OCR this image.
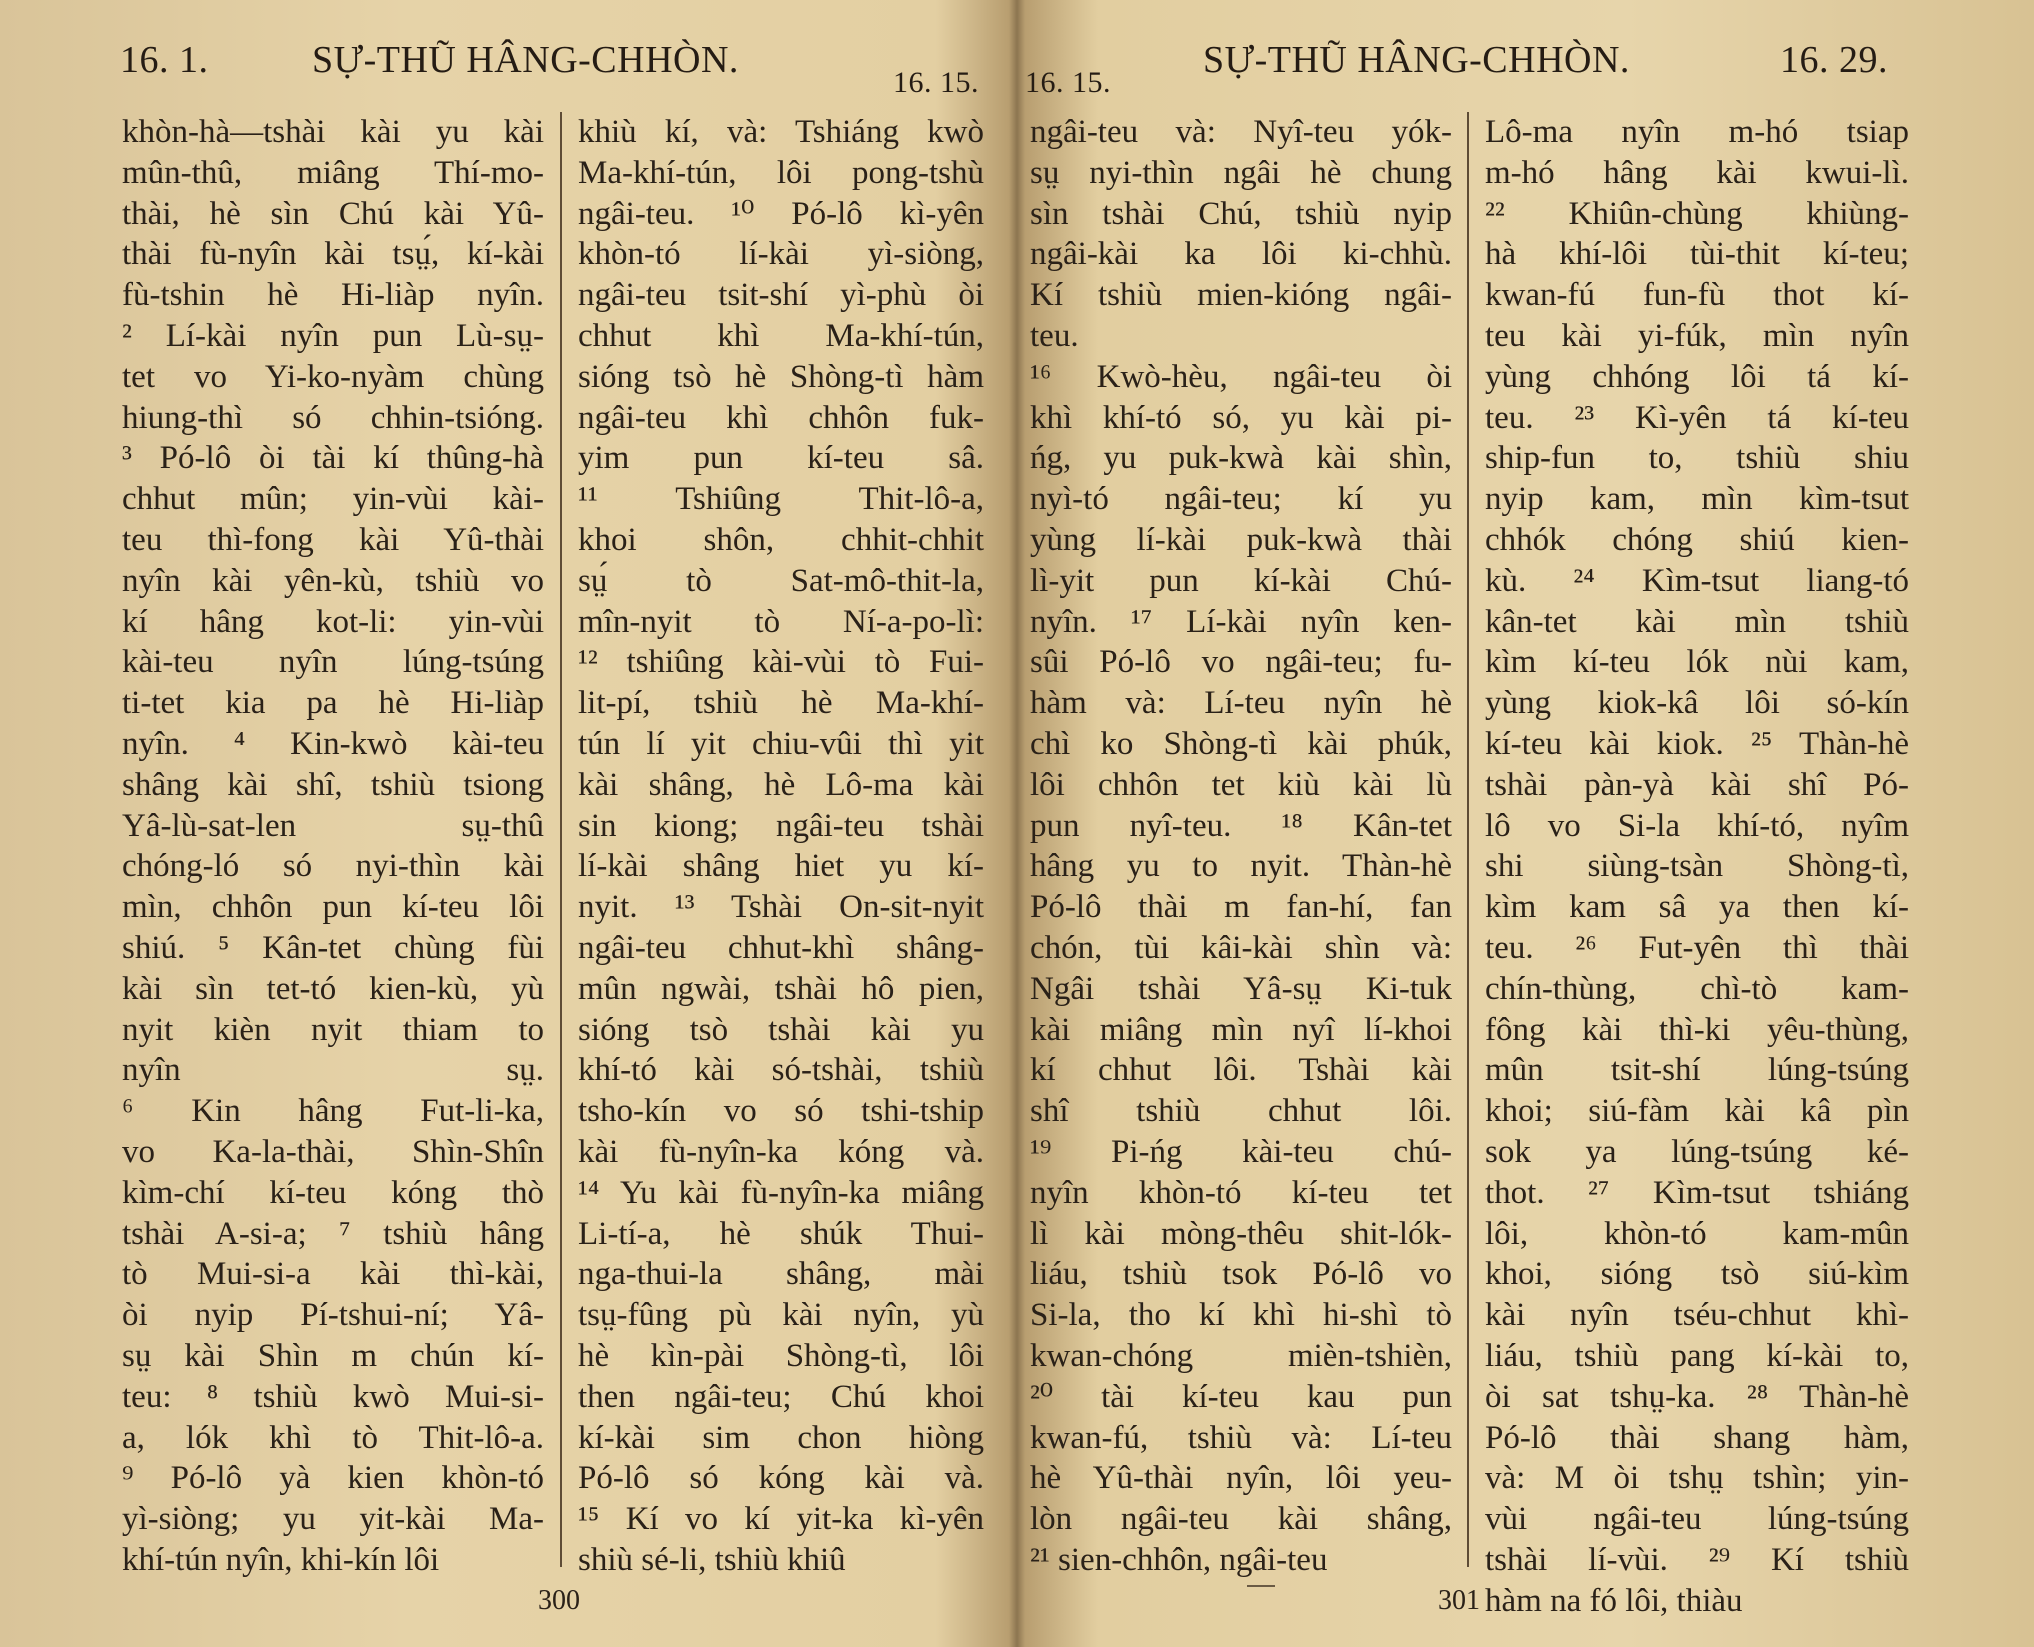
16. 1.	SỰ-THŨ HÂNG-CHHÒN.
16. 15.
khòn-hà—tshài kài yu kài
mûn-thû, miâng Thí-mo-
thài, hè sìn Chú kài Yû-
thài fù-nyîn kài tsṳ́, kí-kài
fù-tshin hè Hi-liàp nyîn.
² Lí-kài nyîn pun Lù-sṳ-
tet vo Yi-ko-nyàm chùng
hiung-thì só chhin-tsióng.
³ Pó-lô òi tài kí thûng-hà
chhut mûn; yin-vùi kài-
teu thì-fong kài Yû-thài
nyîn kài yên-kù, tshiù vo
kí hâng kot-li: yin-vùi
kài-teu nyîn lúng-tsúng
ti-tet kia pa hè Hi-liàp
nyîn. ⁴ Kin-kwò kài-teu
shâng kài shî, tshiù tsiong
Yâ-lù-sat-len sṳ-thû
chóng-ló só nyi-thìn kài
mìn, chhôn pun kí-teu lôi
shiú. ⁵ Kân-tet chùng fùi
kài sìn tet-tó kien-kù, yù
nyit kièn nyit thiam to
nyîn sṳ.
⁶ Kin hâng Fut-li-ka,
vo Ka-la-thài, Shìn-Shîn
kìm-chí kí-teu kóng thò
tshài A-si-a; ⁷ tshiù hâng
tò Mui-si-a kài thì-kài,
òi nyip Pí-tshui-ní; Yâ-
sṳ kài Shìn m chún kí-
teu: ⁸ tshiù kwò Mui-si-
a, lók khì tò Thit-lô-a.
⁹ Pó-lô yà kien khòn-tó
yì-siòng; yu yit-kài Ma-
khí-tún nyîn, khi-kín lôi
khiù kí, và: Tshiáng kwò
Ma-khí-tún, lôi pong-tshù
ngâi-teu. ¹⁰ Pó-lô kì-yên
khòn-tó lí-kài yì-siòng,
ngâi-teu tsit-shí yì-phù òi
chhut khì Ma-khí-tún,
sióng tsò hè Shòng-tì hàm
ngâi-teu khì chhôn fuk-
yim pun kí-teu sâ.
¹¹ Tshiûng Thit-lô-a,
khoi shôn, chhit-chhit
sṳ́ tò Sat-mô-thit-la,
mîn-nyit tò Ní-a-po-lì:
¹² tshiûng kài-vùi tò Fui-
lit-pí, tshiù hè Ma-khí-
tún lí yit chiu-vûi thì yit
kài shâng, hè Lô-ma kài
sin kiong; ngâi-teu tshài
lí-kài shâng hiet yu kí-
nyit. ¹³ Tshài On-sit-nyit
ngâi-teu chhut-khì shâng-
mûn ngwài, tshài hô pien,
sióng tsò tshài kài yu
khí-tó kài só-tshài, tshiù
tsho-kín vo só tshi-tship
kài fù-nyîn-ka kóng và.
¹⁴ Yu kài fù-nyîn-ka miâng
Li-tí-a, hè shúk Thui-
nga-thui-la shâng, mài
tsṳ-fûng pù kài nyîn, yù
hè kìn-pài Shòng-tì, lôi
then ngâi-teu; Chú khoi
kí-kài sim chon hiòng
Pó-lô só kóng kài và.
¹⁵ Kí vo kí yit-ka kì-yên
shiù sé-li, tshiù khiû
300
16. 15.
SỰ-THŨ HÂNG-CHHÒN.	16. 29.
ngâi-teu và: Nyî-teu yók-
sṳ nyi-thìn ngâi hè chung
sìn tshài Chú, tshiù nyip
ngâi-kài ka lôi ki-chhù.
Kí tshiù mien-kióng ngâi-
teu.
¹⁶ Kwò-hèu, ngâi-teu òi
khì khí-tó só, yu kài pi-
ńg, yu puk-kwà kài shìn,
nyì-tó ngâi-teu; kí yu
yùng lí-kài puk-kwà thài
lì-yit pun kí-kài Chú-
nyîn. ¹⁷ Lí-kài nyîn ken-
sûi Pó-lô vo ngâi-teu; fu-
hàm và: Lí-teu nyîn hè
chì ko Shòng-tì kài phúk,
lôi chhôn tet kiù kài lù
pun nyî-teu. ¹⁸ Kân-tet
hâng yu to nyit. Thàn-hè
Pó-lô thài m fan-hí, fan
chón, tùi kâi-kài shìn và:
Ngâi tshài Yâ-sṳ Ki-tuk
kài miâng mìn nyî lí-khoi
kí chhut lôi. Tshài kài
shî tshiù chhut lôi.
¹⁹ Pi-ńg kài-teu chú-
nyîn khòn-tó kí-teu tet
lì kài mòng-thêu shit-lók-
liáu, tshiù tsok Pó-lô vo
Si-la, tho kí khì hi-shì tò
kwan-chóng mièn-tshièn,
²⁰ tài kí-teu kau pun
kwan-fú, tshiù và: Lí-teu
hè Yû-thài nyîn, lôi yeu-
lòn ngâi-teu kài shâng,
²¹ sien-chhôn, ngâi-teu
Lô-ma nyîn m-hó tsiap
m-hó hâng kài kwui-lì.
²² Khiûn-chùng khiùng-
hà khí-lôi tùi-thit kí-teu;
kwan-fú fun-fù thot kí-
teu kài yi-fúk, mìn nyîn
yùng chhóng lôi tá kí-
teu. ²³ Kì-yên tá kí-teu
ship-fun to, tshiù shiu
nyip kam, mìn kìm-tsut
chhók chóng shiú kien-
kù. ²⁴ Kìm-tsut liang-tó
kân-tet kài mìn tshiù
kìm kí-teu lók nùi kam,
yùng kiok-kâ lôi só-kín
kí-teu kài kiok. ²⁵ Thàn-hè
tshài pàn-yà kài shî Pó-
lô vo Si-la khí-tó, nyîm
shi siùng-tsàn Shòng-tì,
kìm kam sâ ya then kí-
teu. ²⁶ Fut-yên thì thài
chín-thùng, chì-tò kam-
fông kài thì-ki yêu-thùng,
mûn tsit-shí lúng-tsúng
khoi; siú-fàm kài kâ pìn
sok ya lúng-tsúng ké-
thot. ²⁷ Kìm-tsut tshiáng
lôi, khòn-tó kam-mûn
khoi, sióng tsò siú-kìm
kài nyîn tséu-chhut khì-
liáu, tshiù pang kí-kài to,
òi sat tshṳ-ka. ²⁸ Thàn-hè
Pó-lô thài shang hàm,
và: M òi tshṳ tshìn; yin-
vùi ngâi-teu lúng-tsúng
tshài lí-vùi. ²⁹ Kí tshiù
hàm na fó lôi, thiàu
301
